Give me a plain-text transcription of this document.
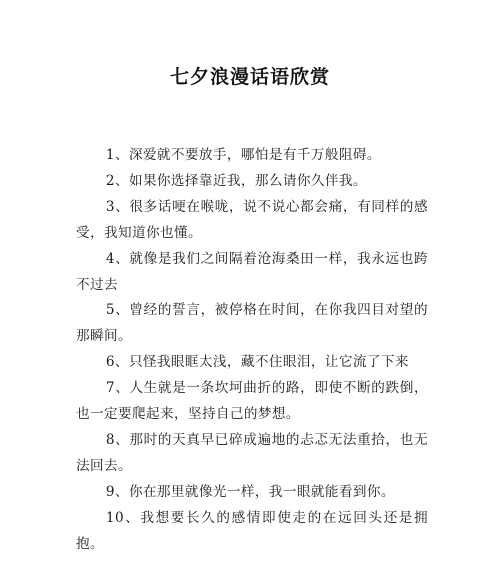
七夕浪漫话语欣赏

1、深爱就不要放手，哪怕是有千万般阻碍。

2、如果你选择靠近我，那么请你久伴我。

3、很多话哽在喉咙，说不说心都会痛，有同样的感受，我知道你也懂。

4、就像是我们之间隔着沧海桑田一样，我永远也跨不过去

5、曾经的誓言，被停格在时间，在你我四目对望的那瞬间。

6、只怪我眼眶太浅，藏不住眼泪，让它流了下来

7、人生就是一条坎坷曲折的路，即使不断的跌倒，也一定要爬起来，坚持自己的梦想。

8、那时的天真早已碎成遍地的忐忑无法重拾，也无法回去。

9、你在那里就像光一样，我一眼就能看到你。

10、我想要长久的感情即使走的在远回头还是拥抱。
